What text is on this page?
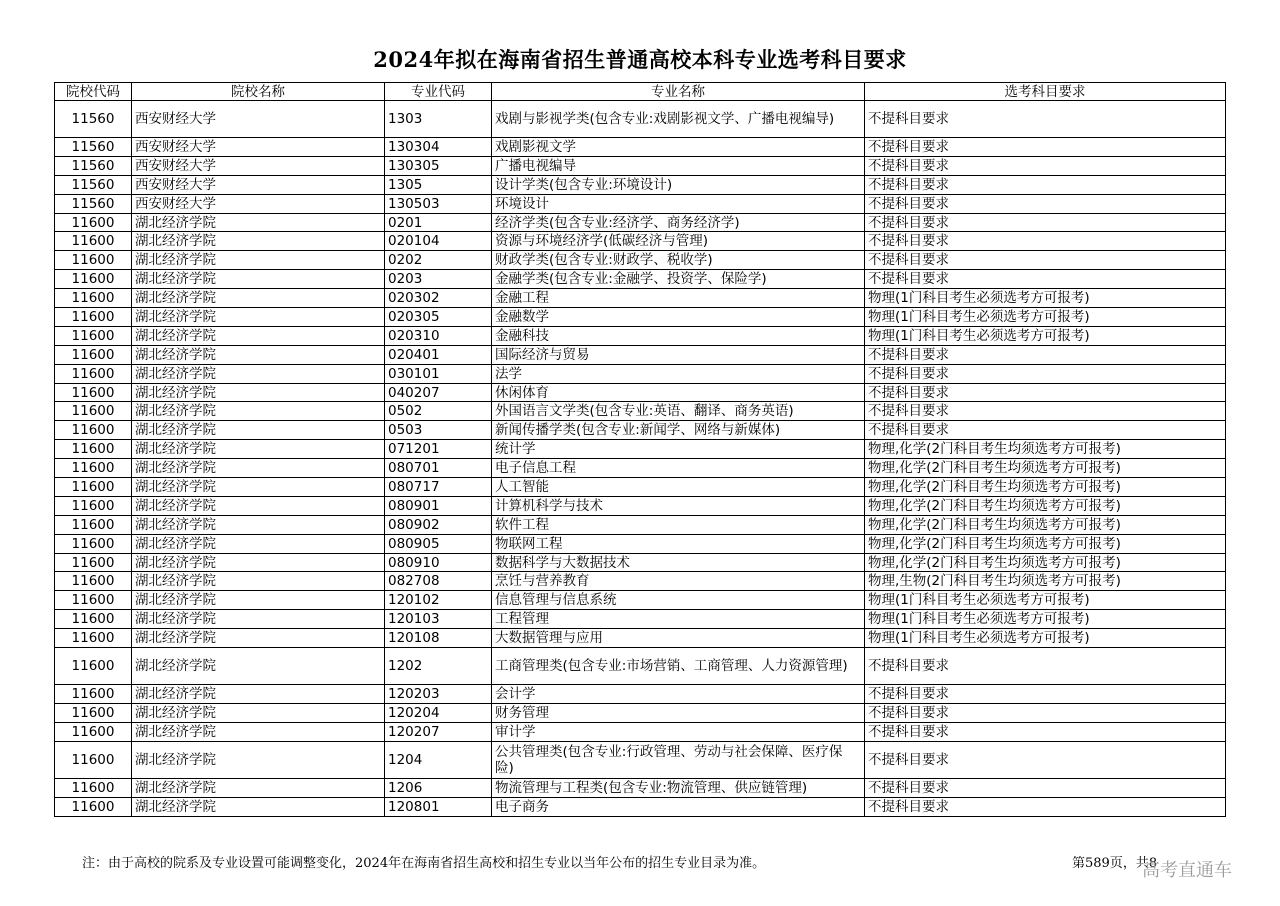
2024年拟在海南省招生普通高校本科专业选考科目要求
院校代码	院校名称	专业代码	专业名称	选考科目要求
11560	西安财经大学	1303	戏剧与影视学类(包含专业:戏剧影视文学、广播电视编导)	不提科目要求
11560	西安财经大学	130304	戏剧影视文学	不提科目要求
11560	西安财经大学	130305	广播电视编导	不提科目要求
11560	西安财经大学	1305	设计学类(包含专业:环境设计)	不提科目要求
11560	西安财经大学	130503	环境设计	不提科目要求
11600	湖北经济学院	0201	经济学类(包含专业:经济学、商务经济学)	不提科目要求
11600	湖北经济学院	020104	资源与环境经济学(低碳经济与管理)	不提科目要求
11600	湖北经济学院	0202	财政学类(包含专业:财政学、税收学)	不提科目要求
11600	湖北经济学院	0203	金融学类(包含专业:金融学、投资学、保险学)	不提科目要求
11600	湖北经济学院	020302	金融工程	物理(1门科目考生必须选考方可报考)
11600	湖北经济学院	020305	金融数学	物理(1门科目考生必须选考方可报考)
11600	湖北经济学院	020310	金融科技	物理(1门科目考生必须选考方可报考)
11600	湖北经济学院	020401	国际经济与贸易	不提科目要求
11600	湖北经济学院	030101	法学	不提科目要求
11600	湖北经济学院	040207	休闲体育	不提科目要求
11600	湖北经济学院	0502	外国语言文学类(包含专业:英语、翻译、商务英语)	不提科目要求
11600	湖北经济学院	0503	新闻传播学类(包含专业:新闻学、网络与新媒体)	不提科目要求
11600	湖北经济学院	071201	统计学	物理,化学(2门科目考生均须选考方可报考)
11600	湖北经济学院	080701	电子信息工程	物理,化学(2门科目考生均须选考方可报考)
11600	湖北经济学院	080717	人工智能	物理,化学(2门科目考生均须选考方可报考)
11600	湖北经济学院	080901	计算机科学与技术	物理,化学(2门科目考生均须选考方可报考)
11600	湖北经济学院	080902	软件工程	物理,化学(2门科目考生均须选考方可报考)
11600	湖北经济学院	080905	物联网工程	物理,化学(2门科目考生均须选考方可报考)
11600	湖北经济学院	080910	数据科学与大数据技术	物理,化学(2门科目考生均须选考方可报考)
11600	湖北经济学院	082708	烹饪与营养教育	物理,生物(2门科目考生均须选考方可报考)
11600	湖北经济学院	120102	信息管理与信息系统	物理(1门科目考生必须选考方可报考)
11600	湖北经济学院	120103	工程管理	物理(1门科目考生必须选考方可报考)
11600	湖北经济学院	120108	大数据管理与应用	物理(1门科目考生必须选考方可报考)
11600	湖北经济学院	1202	工商管理类(包含专业:市场营销、工商管理、人力资源管理)	不提科目要求
11600	湖北经济学院	120203	会计学	不提科目要求
11600	湖北经济学院	120204	财务管理	不提科目要求
11600	湖北经济学院	120207	审计学	不提科目要求
11600	湖北经济学院	1204	公共管理类(包含专业:行政管理、劳动与社会保障、医疗保险)	不提科目要求
11600	湖北经济学院	1206	物流管理与工程类(包含专业:物流管理、供应链管理)	不提科目要求
11600	湖北经济学院	120801	电子商务	不提科目要求
注：由于高校的院系及专业设置可能调整变化，2024年在海南省招生高校和招生专业以当年公布的招生专业目录为准。	第589页，共8
高考直通车
